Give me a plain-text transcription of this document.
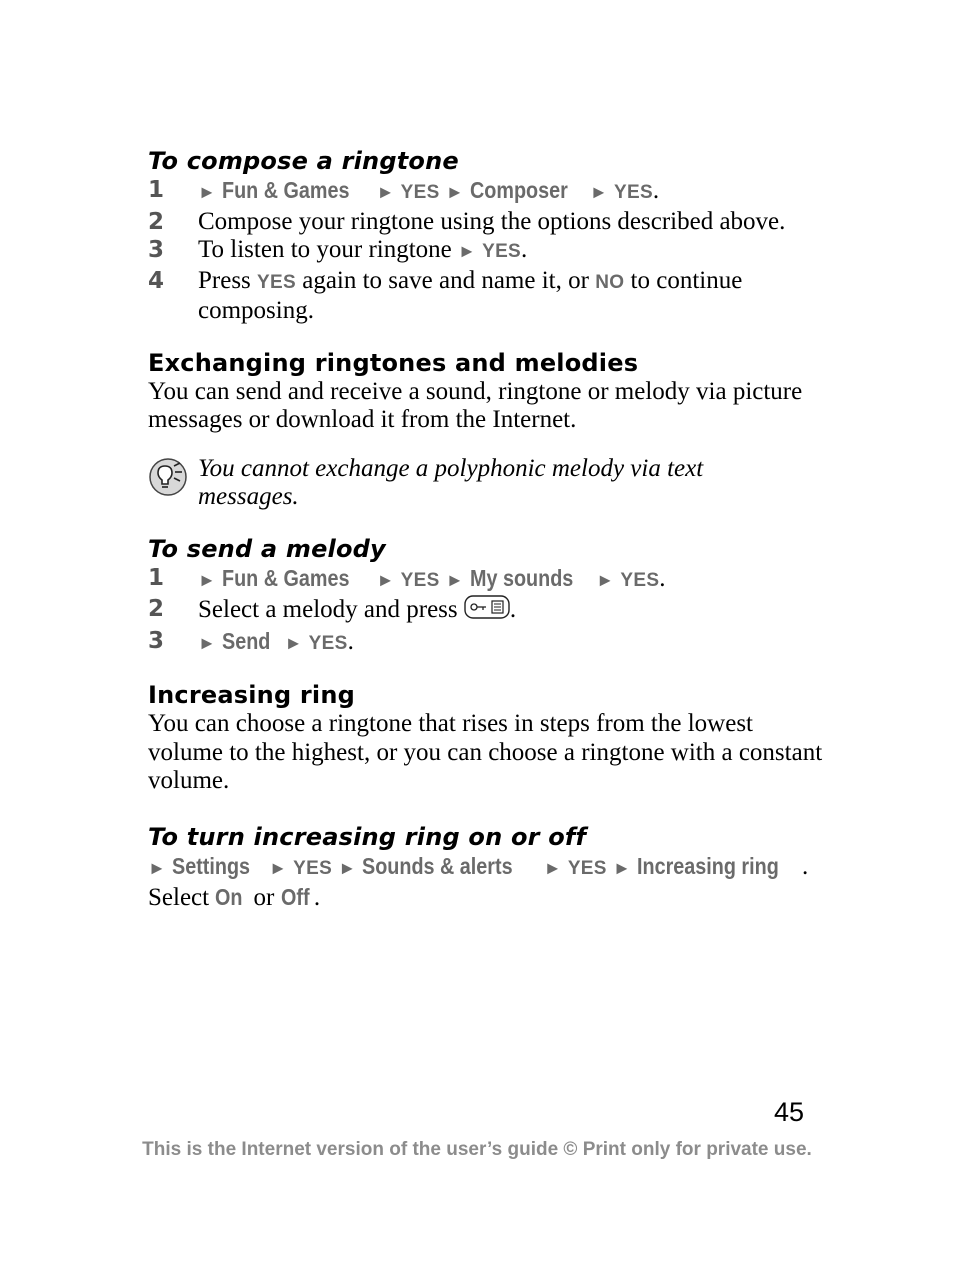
To compose a ringtone
1	► Fun & Games ► YES ► Composer ► YES.
2	Compose your ringtone using the options described above.
3	To listen to your ringtone ► YES.
4	Press YES again to save and name it, or NO to continue composing.
Exchanging ringtones and melodies

You can send and receive a sound, ringtone or melody via picture messages or download it from the Internet.

You cannot exchange a polyphonic melody via text messages.
To send a melody
1	► Fun & Games ► YES ► My sounds ► YES.
2	Select a melody and press .
3	► Send ► YES.
Increasing ring

You can choose a ringtone that rises in steps from the lowest volume to the highest, or you can choose a ringtone with a constant volume.

To turn increasing ring on or off

► Settings ► YES ► Sounds & alerts ► YES ► Increasing ring .

Select On or Off .

45
This is the Internet version of the user’s guide © Print only for private use.
